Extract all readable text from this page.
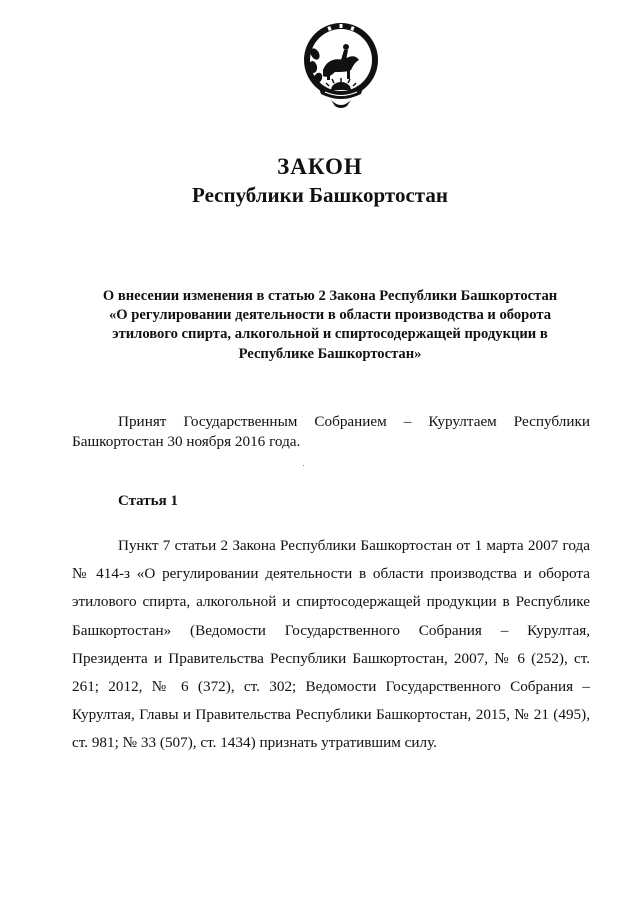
ЗАКОН
Республики Башкортостан

О внесении изменения в статью 2 Закона Республики Башкортостан
«О регулировании деятельности в области производства и оборота
этилового спирта, алкогольной и спиртосодержащей продукции в
Республике Башкортостан»

Принят Государственным Собранием – Курултаем Республики Башкортостан 30 ноября 2016 года.

Статья 1

Пункт 7 статьи 2 Закона Республики Башкортостан от 1 марта 2007 года № 414-з «О регулировании деятельности в области производства и оборота этилового спирта, алкогольной и спиртосодержащей продукции в Республике Башкортостан» (Ведомости Государственного Собрания – Курултая, Президента и Правительства Республики Башкортостан, 2007, № 6 (252), ст. 261; 2012, № 6 (372), ст. 302; Ведомости Государственного Собрания – Курултая, Главы и Правительства Республики Башкортостан, 2015, № 21 (495), ст. 981; № 33 (507), ст. 1434) признать утратившим силу.
